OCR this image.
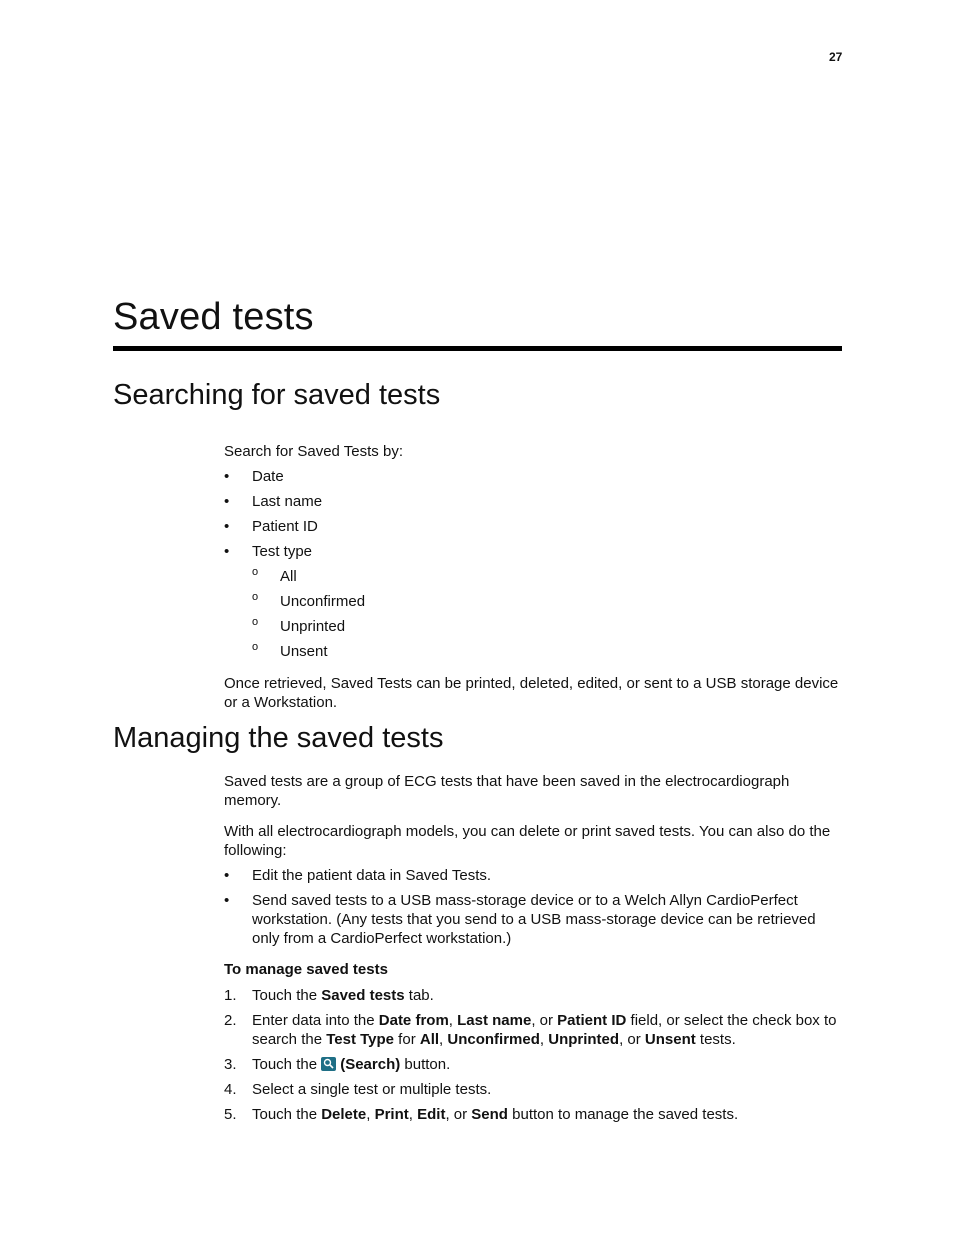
27
Saved tests
Searching for saved tests

Search for Saved Tests by:

• Date
• Last name
• Patient ID
• Test type
o All
o Unconfirmed
o Unprinted
o Unsent

Once retrieved, Saved Tests can be printed, deleted, edited, or sent to a USB storage device or a Workstation.

Managing the saved tests

Saved tests are a group of ECG tests that have been saved in the electrocardiograph memory.

With all electrocardiograph models, you can delete or print saved tests. You can also do the following:

• Edit the patient data in Saved Tests.
• Send saved tests to a USB mass-storage device or to a Welch Allyn CardioPerfect workstation. (Any tests that you send to a USB mass-storage device can be retrieved only from a CardioPerfect workstation.)

To manage saved tests

1. Touch the Saved tests tab.
2. Enter data into the Date from, Last name, or Patient ID field, or select the check box to search the Test Type for All, Unconfirmed, Unprinted, or Unsent tests.
3. Touch the
(Search) button.
4. Select a single test or multiple tests.
5. Touch the Delete, Print, Edit, or Send button to manage the saved tests.
